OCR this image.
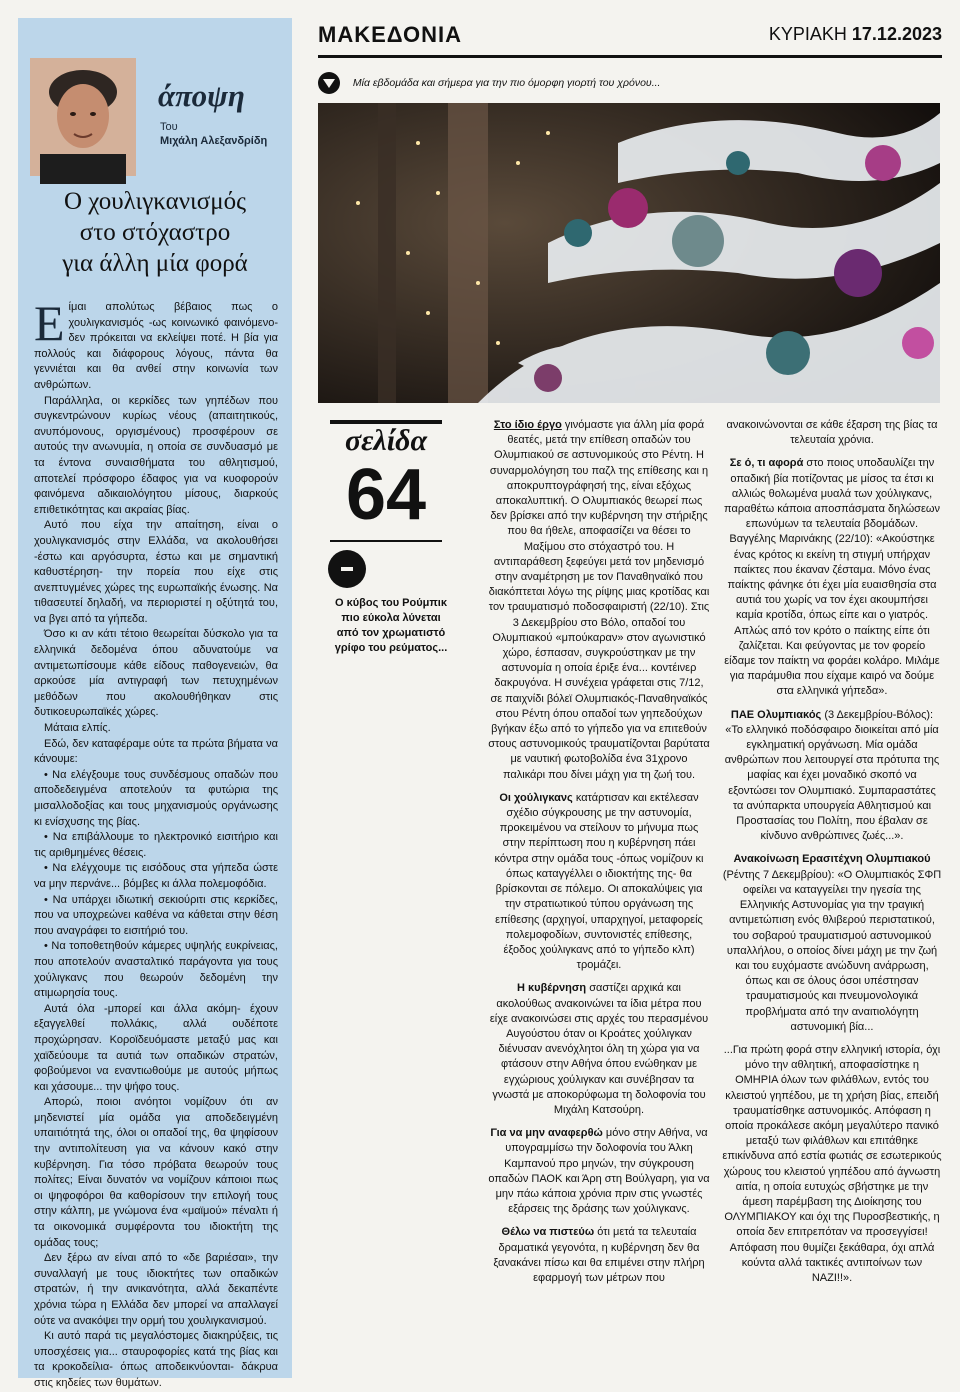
άποψη
Του
Μιχάλη Αλεξανδρίδη
Ο χουλιγκανισμός
στο στόχαστρο
για άλλη μία φορά

Είμαι απολύτως βέβαιος πως ο χουλιγκανισμός -ως κοινωνικό φαινόμενο- δεν πρόκειται να εκλείψει ποτέ. Η βία για πολλούς και διάφορους λόγους, πάντα θα γεννιέται και θα ανθεί στην κοινωνία των ανθρώπων.

Παράλληλα, οι κερκίδες των γηπέδων που συγκεντρώνουν κυρίως νέους (απαιτητικούς, ανυπόμονους, οργισμένους) προσφέρουν σε αυτούς την ανωνυμία, η οποία σε συνδυασμό με τα έντονα συναισθήματα του αθλητισμού, αποτελεί πρόσφορο έδαφος για να κυοφορούν φαινόμενα αδικαιολόγητου μίσους, διαρκούς επιθετικότητας και ακραίας βίας.

Αυτό που είχα την απαίτηση, είναι ο χουλιγκανισμός στην Ελλάδα, να ακολουθήσει -έστω και αργόσυρτα, έστω και με σημαντική καθυστέρηση- την πορεία που είχε στις ανεπτυγμένες χώρες της ευρωπαϊκής ένωσης. Να τιθασευτεί δηλαδή, να περιοριστεί η οξύτητά του, να βγει από τα γήπεδα.

Όσο κι αν κάτι τέτοιο θεωρείται δύσκολο για τα ελληνικά δεδομένα όπου αδυνατούμε να αντιμετωπίσουμε κάθε είδους παθογενειών, θα αρκούσε μία αντιγραφή των πετυχημένων μεθόδων που ακολουθήθηκαν στις δυτικοευρωπαϊκές χώρες.

Μάταια ελπίς.

Εδώ, δεν καταφέραμε ούτε τα πρώτα βήματα να κάνουμε:

• Να ελέγξουμε τους συνδέσμους οπαδών που αποδεδειγμένα αποτελούν τα φυτώρια της μισαλλοδοξίας και τους μηχανισμούς οργάνωσης κι ενίσχυσης της βίας.

• Να επιβάλλουμε το ηλεκτρονικό εισιτήριο και τις αριθμημένες θέσεις.

• Να ελέγχουμε τις εισόδους στα γήπεδα ώστε να μην περνάνε... βόμβες κι άλλα πολεμοφόδια.

• Να υπάρχει ιδιωτική σεκιούριτι στις κερκίδες, που να υποχρεώνει καθένα να κάθεται στην θέση που αναγράφει το εισιτήριό του.

• Να τοποθετηθούν κάμερες υψηλής ευκρίνειας, που αποτελούν ανασταλτικό παράγοντα για τους χούλιγκανς που θεωρούν δεδομένη την ατιμωρησία τους.

Αυτά όλα -μπορεί και άλλα ακόμη- έχουν εξαγγελθεί πολλάκις, αλλά ουδέποτε προχώρησαν. Κοροϊδευόμαστε μεταξύ μας και χαϊδεύουμε τα αυτιά των οπαδικών στρατών, φοβούμενοι να εναντιωθούμε με αυτούς μήπως και χάσουμε... την ψήφο τους.

Απορώ, ποιοι ανόητοι νομίζουν ότι αν μηδενιστεί μία ομάδα για αποδεδειγμένη υπαιτιότητά της, όλοι οι οπαδοί της, θα ψηφίσουν την αντιπολίτευση για να κάνουν κακό στην κυβέρνηση. Για τόσο πρόβατα θεωρούν τους πολίτες; Είναι δυνατόν να νομίζουν κάποιοι πως οι ψηφοφόροι θα καθορίσουν την επιλογή τους στην κάλπη, με γνώμονα ένα «μαϊμού» πέναλτι ή τα οικονομικά συμφέροντα του ιδιοκτήτη της ομάδας τους;

Δεν ξέρω αν είναι από το «δε βαριέσαι», την συναλλαγή με τους ιδιοκτήτες των οπαδικών στρατών, ή την ανικανότητα, αλλά δεκαπέντε χρόνια τώρα η Ελλάδα δεν μπορεί να απαλλαγεί ούτε να ανακόψει την ορμή του χουλιγκανισμού.

Κι αυτό παρά τις μεγαλόστομες διακηρύξεις, τις υποσχέσεις για... σταυροφορίες κατά της βίας και τα κροκοδείλια- όπως αποδεικνύονται- δάκρυα στις κηδείες των θυμάτων.

ΜΑΚΕΔΟΝΙΑ	ΚΥΡΙΑΚΗ 17.12.2023
Μία εβδομάδα και σήμερα για την πιο όμορφη γιορτή του χρόνου...
σελίδα
64
Ο κύβος του Ρούμπικ πιο εύκολα λύνεται από τον χρωματιστό γρίφο του ρεύματος...

Στο ίδιο έργο γινόμαστε για άλλη μία φορά θεατές, μετά την επίθεση οπαδών του Ολυμπιακού σε αστυνομικούς στο Ρέντη. Η συναρμολόγηση του παζλ της επίθεσης και η αποκρυπτογράφησή της, είναι εξόχως αποκαλυπτική. Ο Ολυμπιακός θεωρεί πως δεν βρίσκει από την κυβέρνηση την στήριξης που θα ήθελε, αποφασίζει να θέσει το Μαξίμου στο στόχαστρό του. Η αντιπαράθεση ξεφεύγει μετά τον μηδενισμό στην αναμέτρηση με τον Παναθηναϊκό που διακόπτεται λόγω της ρίψης μιας κροτίδας και τον τραυματισμό ποδοσφαιριστή (22/10). Στις 3 Δεκεμβρίου στο Βόλο, οπαδοί του Ολυμπιακού «μπούκαραν» στον αγωνιστικό χώρο, έσπασαν, συγκρούστηκαν με την αστυνομία η οποία έριξε ένα... κοντέινερ δακρυγόνα. Η συνέχεια γράφεται στις 7/12, σε παιχνίδι βόλεϊ Ολυμπιακός-Παναθηναϊκός στου Ρέντη όπου οπαδοί των γηπεδούχων βγήκαν έξω από το γήπεδο για να επιτεθούν στους αστυνομικούς τραυματίζονται βαρύτατα με ναυτική φωτοβολίδα ένα 31χρονο παλικάρι που δίνει μάχη για τη ζωή του.

Οι χούλιγκανς κατάρτισαν και εκτέλεσαν σχέδιο σύγκρουσης με την αστυνομία, προκειμένου να στείλουν το μήνυμα πως στην περίπτωση που η κυβέρνηση πάει κόντρα στην ομάδα τους -όπως νομίζουν κι όπως καταγγέλλει ο ιδιοκτήτης της- θα βρίσκονται σε πόλεμο. Οι αποκαλύψεις για την στρατιωτικού τύπου οργάνωση της επίθεσης (αρχηγοί, υπαρχηγοί, μεταφορείς πολεμοφοδίων, συντονιστές επίθεσης, έξοδος χούλιγκανς από το γήπεδο κλπ) τρομάζει.

Η κυβέρνηση σαστίζει αρχικά και ακολούθως ανακοινώνει τα ίδια μέτρα που είχε ανακοινώσει στις αρχές του περασμένου Αυγούστου όταν οι Κροάτες χούλιγκαν διένυσαν ανενόχλητοι όλη τη χώρα για να φτάσουν στην Αθήνα όπου ενώθηκαν με εγχώριους χούλιγκαν και συνέβησαν τα γνωστά με αποκορύφωμα τη δολοφονία του Μιχάλη Κατσούρη.

Για να μην αναφερθώ μόνο στην Αθήνα, να υπογραμμίσω την δολοφονία του Άλκη Καμπανού προ μηνών, την σύγκρουση οπαδών ΠΑΟΚ και Άρη στη Βούλγαρη, για να μην πάω κάποια χρόνια πριν στις γνωστές εξάρσεις της δράσης των χούλιγκανς.

Θέλω να πιστεύω ότι μετά τα τελευταία δραματικά γεγονότα, η κυβέρνηση δεν θα ξανακάνει πίσω και θα επιμένει στην πλήρη εφαρμογή των μέτρων που

ανακοινώνονται σε κάθε έξαρση της βίας τα τελευταία χρόνια.

Σε ό, τι αφορά στο ποιος υποδαυλίζει την οπαδική βία ποτίζοντας με μίσος τα έτσι κι αλλιώς θολωμένα μυαλά των χούλιγκανς, παραθέτω κάποια αποσπάσματα δηλώσεων επωνύμων τα τελευταία βδομάδων. Βαγγέλης Μαρινάκης (22/10): «Ακούστηκε ένας κρότος κι εκείνη τη στιγμή υπήρχαν παίκτες που έκαναν ζέσταμα. Μόνο ένας παίκτης φάνηκε ότι έχει μία ευαισθησία στα αυτιά του χωρίς να τον έχει ακουμπήσει καμία κροτίδα, όπως είπε και ο γιατρός. Απλώς από τον κρότο ο παίκτης είπε ότι ζαλίζεται. Και φεύγοντας με τον φορείο είδαμε τον παίκτη να φοράει κολάρο. Μιλάμε για παράμυθια που είχαμε καιρό να δούμε στα ελληνικά γήπεδα».

ΠΑΕ Ολυμπιακός (3 Δεκεμβρίου-Βόλος): «Το ελληνικό ποδόσφαιρο διοικείται από μία εγκληματική οργάνωση. Μία ομάδα ανθρώπων που λειτουργεί στα πρότυπα της μαφίας και έχει μοναδικό σκοπό να εξοντώσει τον Ολυμπιακό. Συμπαραστάτες τα ανύπαρκτα υπουργεία Αθλητισμού και Προστασίας του Πολίτη, που έβαλαν σε κίνδυνο ανθρώπινες ζωές...».

Ανακοίνωση Ερασιτέχνη Ολυμπιακού (Ρέντης 7 Δεκεμβρίου): «Ο Ολυμπιακός ΣΦΠ οφείλει να καταγγείλει την ηγεσία της Ελληνικής Αστυνομίας για την τραγική αντιμετώπιση ενός θλιβερού περιστατικού, του σοβαρού τραυματισμού αστυνομικού υπαλλήλου, ο οποίος δίνει μάχη με την ζωή και του ευχόμαστε ανώδυνη ανάρρωση, όπως και σε όλους όσοι υπέστησαν τραυματισμούς και πνευμονολογικά προβλήματα από την αναιτιολόγητη αστυνομική βία...

...Για πρώτη φορά στην ελληνική ιστορία, όχι μόνο την αθλητική, αποφασίστηκε η ΟΜΗΡΙΑ όλων των φιλάθλων, εντός του κλειστού γηπέδου, με τη χρήση βίας, επειδή τραυματίσθηκε αστυνομικός. Απόφαση η οποία προκάλεσε ακόμη μεγαλύτερο πανικό μεταξύ των φιλάθλων και επιτάθηκε επικίνδυνα από εστία φωτιάς σε εσωτερικούς χώρους του κλειστού γηπέδου από άγνωστη αιτία, η οποία ευτυχώς σβήστηκε με την άμεση παρέμβαση της Διοίκησης του ΟΛΥΜΠΙΑΚΟΥ και όχι της Πυροσβεστικής, η οποία δεν επιτρεπόταν να προσεγγίσει! Απόφαση που θυμίζει ξεκάθαρα, όχι απλά κούντα αλλά τακτικές αντιποίνων των ΝΑΖΙ!!».
